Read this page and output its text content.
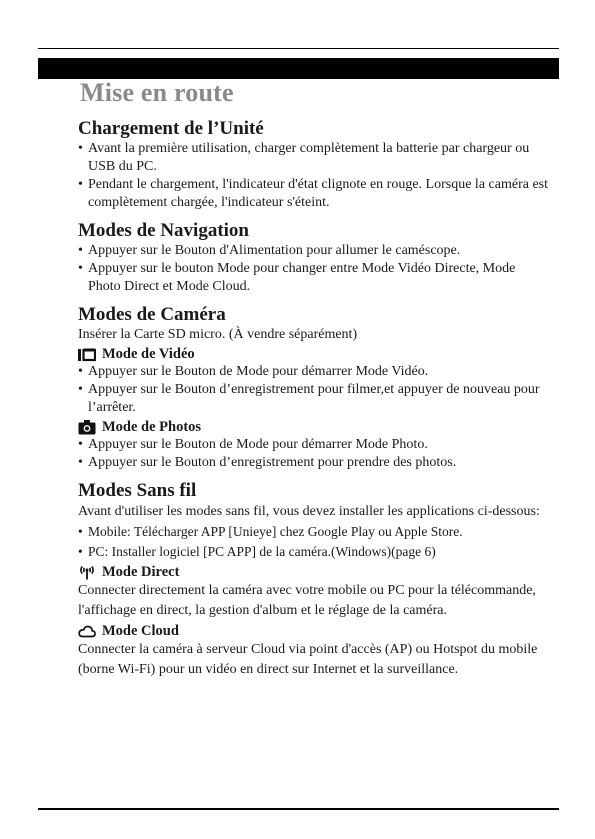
Mise en route
Chargement de l’Unité
• Avant la première utilisation, charger complètement la batterie par chargeur ou USB du PC.
• Pendant le chargement, l'indicateur d'état clignote en rouge. Lorsque la caméra est complètement chargée, l'indicateur s'éteint.
Modes de Navigation
• Appuyer sur le Bouton d'Alimentation pour allumer le caméscope.
• Appuyer sur le bouton Mode pour changer entre Mode Vidéo Directe, Mode Photo Direct et Mode Cloud.
Modes de Caméra

Insérer la Carte SD micro. (À vendre séparément)

Mode de Vidéo
• Appuyer sur le Bouton de Mode pour démarrer Mode Vidéo.
• Appuyer sur le Bouton d’enregistrement pour filmer,et appuyer de nouveau pour l’arrêter.
Mode de Photos
• Appuyer sur le Bouton de Mode pour démarrer Mode Photo.
• Appuyer sur le Bouton d’enregistrement pour prendre des photos.
Modes Sans fil

Avant d'utiliser les modes sans fil, vous devez installer les applications ci-dessous:

• Mobile: Télécharger APP [Unieye] chez Google Play ou Apple Store.
• PC: Installer logiciel [PC APP] de la caméra.(Windows)(page 6)
Mode Direct

Connecter directement la caméra avec votre mobile ou PC pour la télécommande, l'affichage en direct, la gestion d'album et le réglage de la caméra.

Mode Cloud

Connecter la caméra à serveur Cloud via point d'accès (AP) ou Hotspot du mobile (borne Wi-Fi) pour un vidéo en direct sur Internet et la surveillance.
